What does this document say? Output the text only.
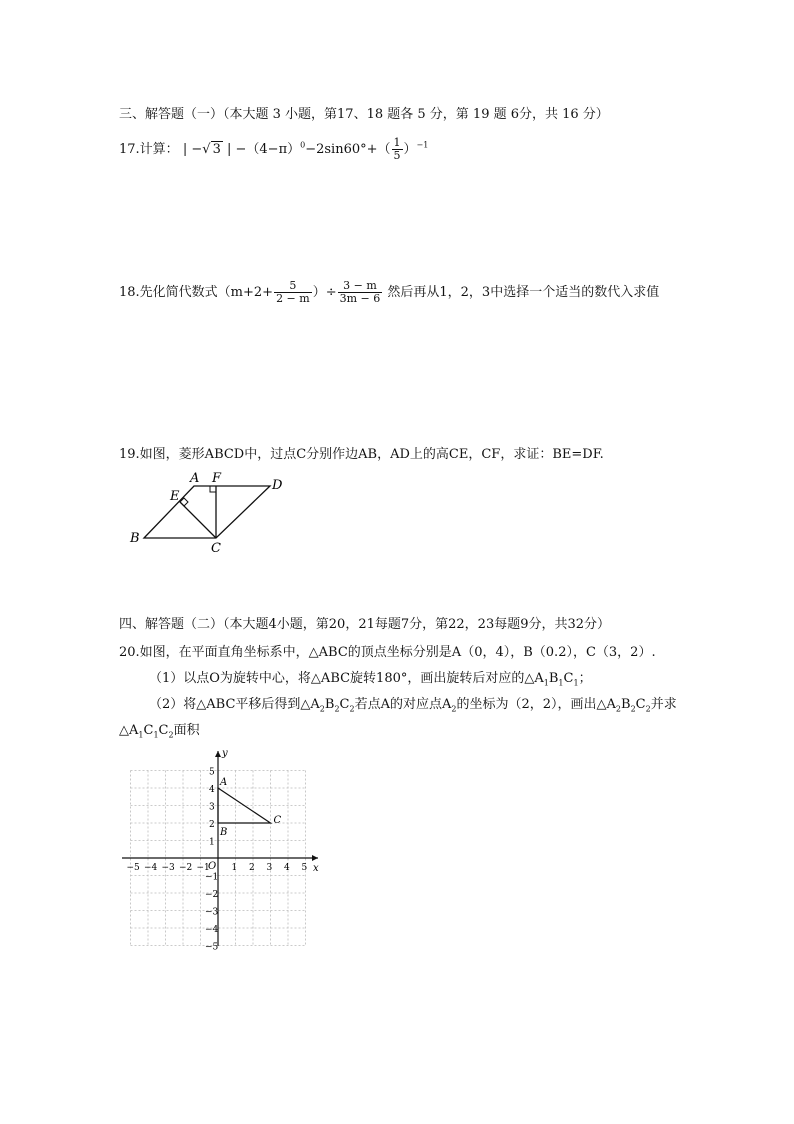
三、解答题（一）（本大题 3 小题，第17、18 题各 5 分，第 19 题 6分，共 16 分）
17.计算： | −√ 3 | $-(4-\pi)^0-2\sin 60^\circ+( \frac{1}{5} )^{-1}$
18.先化简代数式（$m+2+ \frac{5}{2 - m}$ ）÷ $\frac{3 - m}{3m - 6}$ 然后再从1，2，3中选择一个适当的数代入求值
19.如图，菱形ABCD中，过点C分别作边AB，AD上的高CE，CF，求证：BE=DF.
A F	D
E
B
C
四、解答题（二）（本大题4小题，第20，21每题7分，第22，23每题9分，共32分）
20.如图，在平面直角坐标系中，△ABC的顶点坐标分别是A（0，4），B（0.2），C（3，2）.
（1）以点O为旋转中心，将△ABC旋转180°，画出旋转后对应的$\triangle A_1B_1C_1$；
（2）将△ABC平移后得到$\triangle A_2B_2C_2$若点A的对应点$A_2$的坐标为（2，2），画出$\triangle A_2B_2C_2$并求
$\triangle A_1C_1C_2$面积
−5 −4 −3 −2 −1 1 2 3 4 5
5
4
3
2
1
−1
−2
−3
−4
−5
x
y
O
A
B
C
